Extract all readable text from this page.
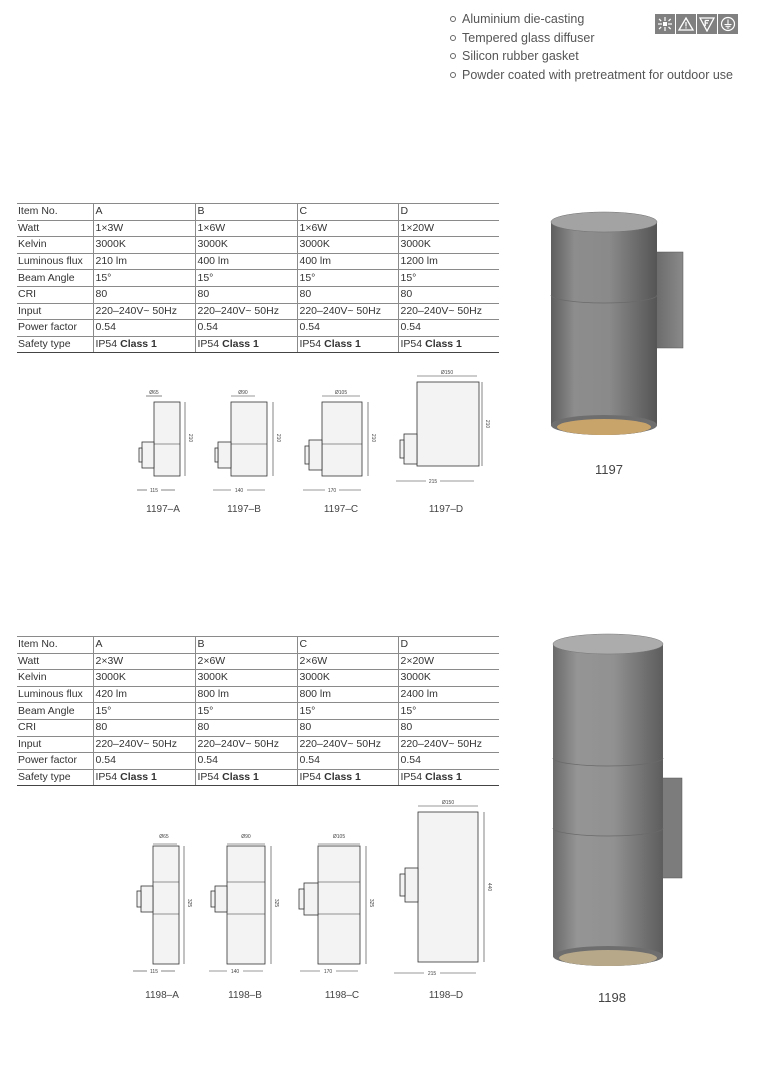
Aluminium die-casting
Tempered glass diffuser
Silicon rubber gasket
Powder coated with pretreatment for outdoor use
Item No.	A	B	C	D
Watt	1×3W	1×6W	1×6W	1×20W
Kelvin	3000K	3000K	3000K	3000K
Luminous flux	210 lm	400 lm	400 lm	1200 lm
Beam Angle	15°	15°	15°	15°
CRI	80	80	80	80
Input	220–240V~ 50Hz	220–240V~ 50Hz	220–240V~ 50Hz	220–240V~ 50Hz
Power factor	0.54	0.54	0.54	0.54
Safety type	IP54 Class 1	IP54 Class 1	IP54 Class 1	IP54 Class 1
Item No.	A	B	C	D
Watt	2×3W	2×6W	2×6W	2×20W
Kelvin	3000K	3000K	3000K	3000K
Luminous flux	420 lm	800 lm	800 lm	2400 lm
Beam Angle	15°	15°	15°	15°
CRI	80	80	80	80
Input	220–240V~ 50Hz	220–240V~ 50Hz	220–240V~ 50Hz	220–240V~ 50Hz
Power factor	0.54	0.54	0.54	0.54
Safety type	IP54 Class 1	IP54 Class 1	IP54 Class 1	IP54 Class 1
Ø65
210
115
1197–A
Ø90
210
140
1197–B
Ø105
210
170
1197–C
Ø150
210
215
1197–D
Ø65
325
115
1198–A
Ø90
325
140
1198–B
Ø105
325
170
1198–C
Ø150
440
215
1198–D
1197
1198
